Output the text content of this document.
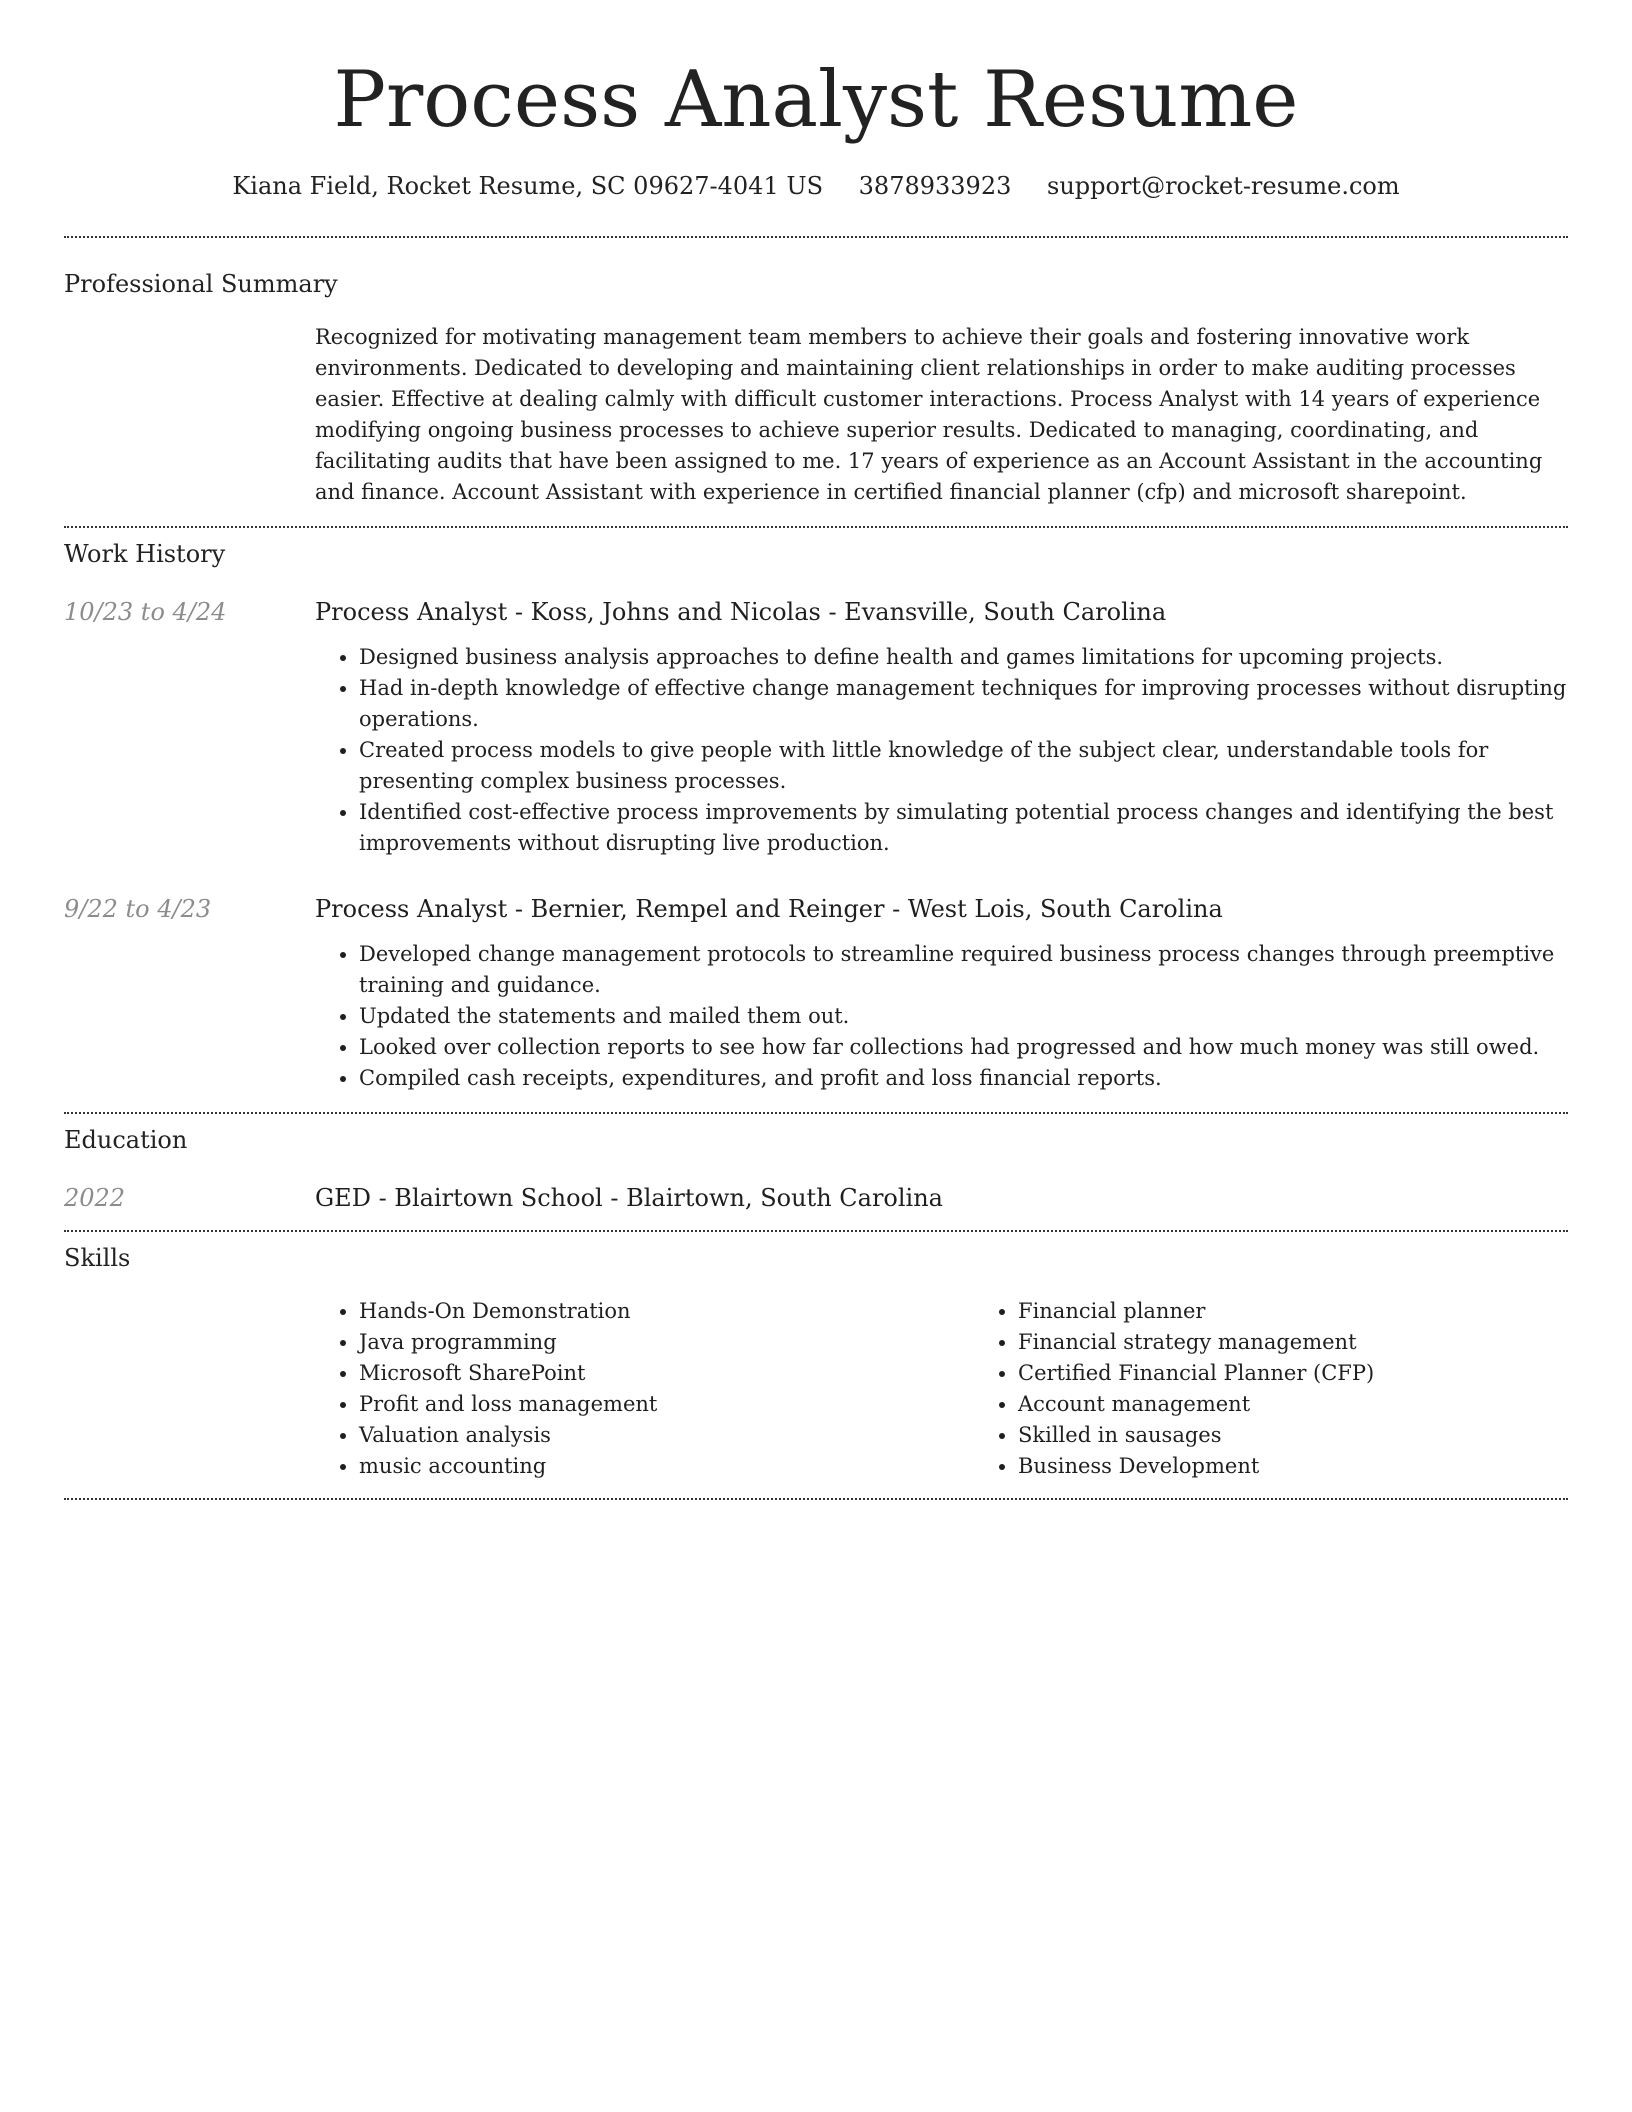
Process Analyst Resume
Kiana Field, Rocket Resume, SC 09627-4041 US 3878933923 support@rocket-resume.com
Professional Summary

Recognized for motivating management team members to achieve their goals and fostering innovative work environments. Dedicated to developing and maintaining client relationships in order to make auditing processes easier. Effective at dealing calmly with difficult customer interactions. Process Analyst with 14 years of experience modifying ongoing business processes to achieve superior results. Dedicated to managing, coordinating, and facilitating audits that have been assigned to me. 17 years of experience as an Account Assistant in the accounting and finance. Account Assistant with experience in certified financial planner (cfp) and microsoft sharepoint.

Work History
10/23 to 4/24	Process Analyst - Koss, Johns and Nicolas - Evansville, South Carolina
• Designed business analysis approaches to define health and games limitations for upcoming projects.
• Had in-depth knowledge of effective change management techniques for improving processes without disrupting operations.
• Created process models to give people with little knowledge of the subject clear, understandable tools for presenting complex business processes.
• Identified cost-effective process improvements by simulating potential process changes and identifying the best improvements without disrupting live production.
9/22 to 4/23	Process Analyst - Bernier, Rempel and Reinger - West Lois, South Carolina
• Developed change management protocols to streamline required business process changes through preemptive training and guidance.
• Updated the statements and mailed them out.
• Looked over collection reports to see how far collections had progressed and how much money was still owed.
• Compiled cash receipts, expenditures, and profit and loss financial reports.
Education
2022	GED - Blairtown School - Blairtown, South Carolina
Skills
• Hands-On Demonstration
• Java programming
• Microsoft SharePoint
• Profit and loss management
• Valuation analysis
• music accounting
• Financial planner
• Financial strategy management
• Certified Financial Planner (CFP)
• Account management
• Skilled in sausages
• Business Development
